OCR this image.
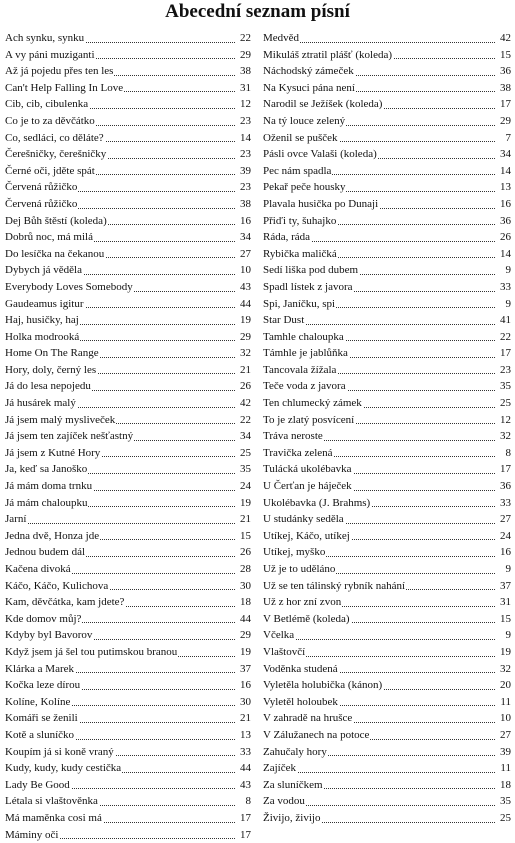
Abecední seznam písní
Ach synku, synku	22
A vy páni muziganti	29
Až já pojedu přes ten les	38
Can't Help Falling In Love	31
Cib, cib, cibulenka	12
Co je to za děvčátko	23
Co, sedláci, co děláte?	14
Čerešničky, čerešničky	23
Černé oči, jděte spát	39
Červená růžičko	23
Červená růžičko	38
Dej Bůh štěstí (koleda)	16
Dobrů noc, má milá	34
Do lesíčka na čekanou	27
Dybych já věděla	10
Everybody Loves Somebody	43
Gaudeamus igitur	44
Haj, husičky, haj	19
Holka modrooká	29
Home On The Range	32
Hory, doly, černý les	21
Já do lesa nepojedu	26
Já husárek malý	42
Já jsem malý myslivеček	22
Já jsem ten zajíček nešťastný	34
Já jsem z Kutné Hory	25
Ja, keď sa Janoško	35
Já mám doma trnku	24
Já mám chaloupku	19
Jarní	21
Jedna dvě, Honza jde	15
Jednou budem dál	26
Kačena divoká	28
Káčo, Káčo, Kulichova	30
Kam, děvčátka, kam jdete?	18
Kde domov můj?	44
Kdyby byl Bavorov	29
Když jsem já šel tou putimskou branou	19
Klárka a Marek	37
Kočka leze dírou	16
Kolíne, Kolíne	30
Komáři se ženili	21
Kotě a sluníčko	13
Koupím já si koně vraný	33
Kudy, kudy, kudy cestička	44
Lady Be Good	43
Létala si vlaštověnka	8
Má maměnka cosi má	17
Máminy oči	17
Medvěd	42
Mikuláš ztratil plášť (koleda)	15
Náchodský zámeček	36
Na Kysuci pána není	38
Narodil se Ježíšek (koleda)	17
Na tý louce zelený	29
Oženil se pušček	7
Pásli ovce Valaši (koleda)	34
Pec nám spadla	14
Pekař peče housky	13
Plavala husička po Dunaji	16
Přiďi ty, šuhajko	36
Ráda, ráda	26
Rybička maličká	14
Sedí liška pod dubem	9
Spadl lístek z javora	33
Spi, Janíčku, spi	9
Star Dust	41
Tamhle chaloupka	22
Támhle je jablůňka	17
Tancovala žížala	23
Teče voda z javora	35
Ten chlumecký zámek	25
To je zlatý posvícení	12
Tráva neroste	32
Travička zelená	8
Tulácká ukolébavka	17
U Čerťan je háječek	36
Ukolébavka (J. Brahms)	33
U studánky seděla	27
Utíkej, Káčo, utíkej	24
Utíkej, myško	16
Už je to uděláno	9
Už se ten tálinský rybník nahání	37
Už z hor zní zvon	31
V Betlémě (koleda)	15
Včelka	9
Vlaštovčí	19
Voděnka studená	32
Vyletěla holubička (kánon)	20
Vyletěl holoubek	11
V zahradě na hrušce	10
V Zálužanech na potoce	27
Zahučaly hory	39
Zajíček	11
Za sluníčkem	18
Za vodou	35
Živijo, živijo	25
